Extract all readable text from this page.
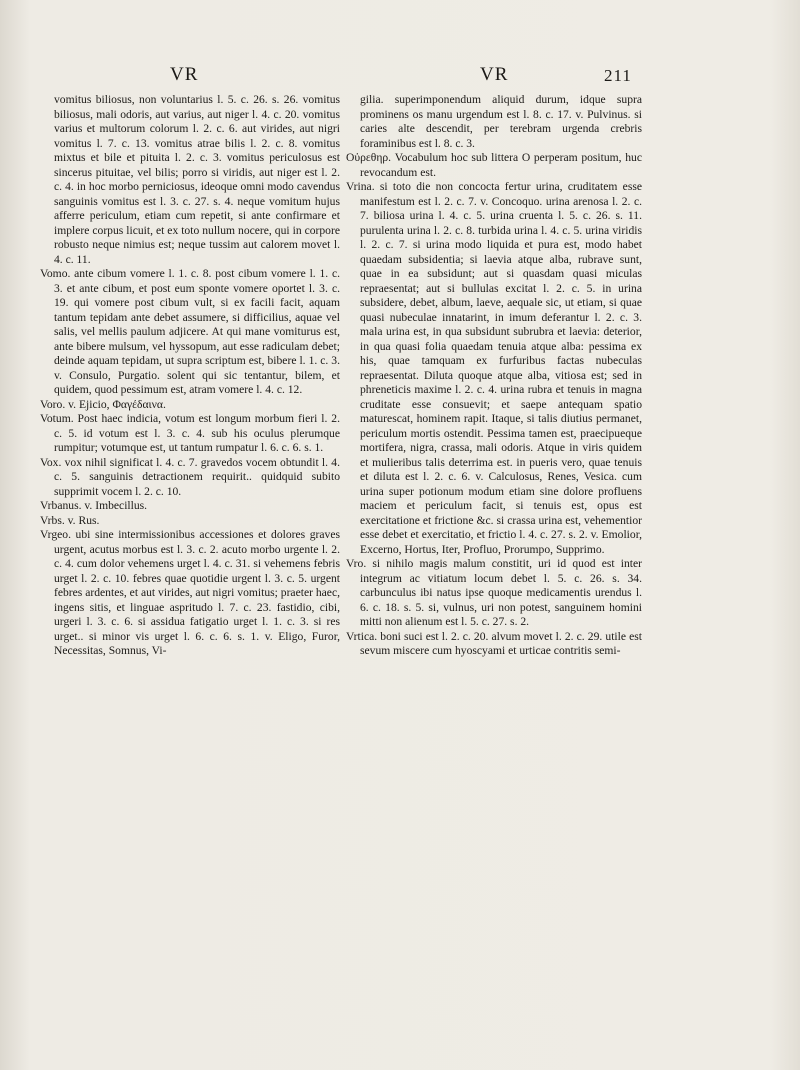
VR	VR	211

vomitus biliosus, non voluntarius l. 5. c. 26. s. 26. vomitus biliosus, mali odoris, aut varius, aut niger l. 4. c. 20. vomitus varius et multorum colorum l. 2. c. 6. aut virides, aut nigri vomitus l. 7. c. 13. vomitus atrae bilis l. 2. c. 8. vomitus mixtus et bile et pituita l. 2. c. 3. vomitus periculosus est sincerus pituitae, vel bilis; porro si viridis, aut niger est l. 2. c. 4. in hoc morbo perniciosus, ideoque omni modo cavendus sanguinis vomitus est l. 3. c. 27. s. 4. neque vomitum hujus afferre periculum, etiam cum repetit, si ante confirmare et implere corpus licuit, et ex toto nullum nocere, qui in corpore robusto neque nimius est; neque tussim aut calorem movet l. 4. c. 11.

Vomo. ante cibum vomere l. 1. c. 8. post cibum vomere l. 1. c. 3. et ante cibum, et post eum sponte vomere oportet l. 3. c. 19. qui vomere post cibum vult, si ex facili facit, aquam tantum tepidam ante debet assumere, si difficilius, aquae vel salis, vel mellis paulum adjicere. At qui mane vomiturus est, ante bibere mulsum, vel hyssopum, aut esse radiculam debet; deinde aquam tepidam, ut supra scriptum est, bibere l. 1. c. 3. v. Consulo, Purgatio. solent qui sic tentantur, bilem, et quidem, quod pessimum est, atram vomere l. 4. c. 12.

Voro. v. Ejicio, Φαγέδαινα.

Votum. Post haec indicia, votum est longum morbum fieri l. 2. c. 5. id votum est l. 3. c. 4. sub his oculus plerumque rumpitur; votumque est, ut tantum rumpatur l. 6. c. 6. s. 1.

Vox. vox nihil significat l. 4. c. 7. gravedos vocem obtundit l. 4. c. 5. sanguinis detractionem requirit.. quidquid subito supprimit vocem l. 2. c. 10.

Vrbanus. v. Imbecillus.

Vrbs. v. Rus.

Vrgeo. ubi sine intermissionibus accessiones et dolores graves urgent, acutus morbus est l. 3. c. 2. acuto morbo urgente l. 2. c. 4. cum dolor vehemens urget l. 4. c. 31. si vehemens febris urget l. 2. c. 10. febres quae quotidie urgent l. 3. c. 5. urgent febres ardentes, et aut virides, aut nigri vomitus; praeter haec, ingens sitis, et linguae aspritudo l. 7. c. 23. fastidio, cibi, urgeri l. 3. c. 6. si assidua fatigatio urget l. 1. c. 3. si res urget.. si minor vis urget l. 6. c. 6. s. 1. v. Eligo, Furor, Necessitas, Somnus, Vi-

gilia. superimponendum aliquid durum, idque supra prominens os manu urgendum est l. 8. c. 17. v. Pulvinus. si caries alte descendit, per terebram urgenda crebris foraminibus est l. 8. c. 3.

Οὐρεθηρ. Vocabulum hoc sub littera O perperam positum, huc revocandum est.

Vrina. si toto die non concocta fertur urina, cruditatem esse manifestum est l. 2. c. 7. v. Concoquo. urina arenosa l. 2. c. 7. biliosa urina l. 4. c. 5. urina cruenta l. 5. c. 26. s. 11. purulenta urina l. 2. c. 8. turbida urina l. 4. c. 5. urina viridis l. 2. c. 7. si urina modo liquida et pura est, modo habet quaedam subsidentia; si laevia atque alba, rubrave sunt, quae in ea subsidunt; aut si quasdam quasi miculas repraesentat; aut si bullulas excitat l. 2. c. 5. in urina subsidere, debet, album, laeve, aequale sic, ut etiam, si quae quasi nubeculae innatarint, in imum deferantur l. 2. c. 3. mala urina est, in qua subsidunt subrubra et laevia: deterior, in qua quasi folia quaedam tenuia atque alba: pessima ex his, quae tamquam ex furfuribus factas nubeculas repraesentat. Diluta quoque atque alba, vitiosa est; sed in phreneticis maxime l. 2. c. 4. urina rubra et tenuis in magna cruditate esse consuevit; et saepe antequam spatio maturescat, hominem rapit. Itaque, si talis diutius permanet, periculum mortis ostendit. Pessima tamen est, praecipueque mortifera, nigra, crassa, mali odoris. Atque in viris quidem et mulieribus talis deterrima est. in pueris vero, quae tenuis et diluta est l. 2. c. 6. v. Calculosus, Renes, Vesica. cum urina super potionum modum etiam sine dolore profluens maciem et periculum facit, si tenuis est, opus est exercitatione et frictione &c. si crassa urina est, vehementior esse debet et exercitatio, et frictio l. 4. c. 27. s. 2. v. Emolior, Excerno, Hortus, Iter, Profluo, Prorumpo, Supprimo.

Vro. si nihilo magis malum constitit, uri id quod est inter integrum ac vitiatum locum debet l. 5. c. 26. s. 34. carbunculus ibi natus ipse quoque medicamentis urendus l. 6. c. 18. s. 5. si, vulnus, uri non potest, sanguinem homini mitti non alienum est l. 5. c. 27. s. 2.

Vrtica. boni suci est l. 2. c. 20. alvum movet l. 2. c. 29. utile est sevum miscere cum hyoscyami et urticae contritis semi-
